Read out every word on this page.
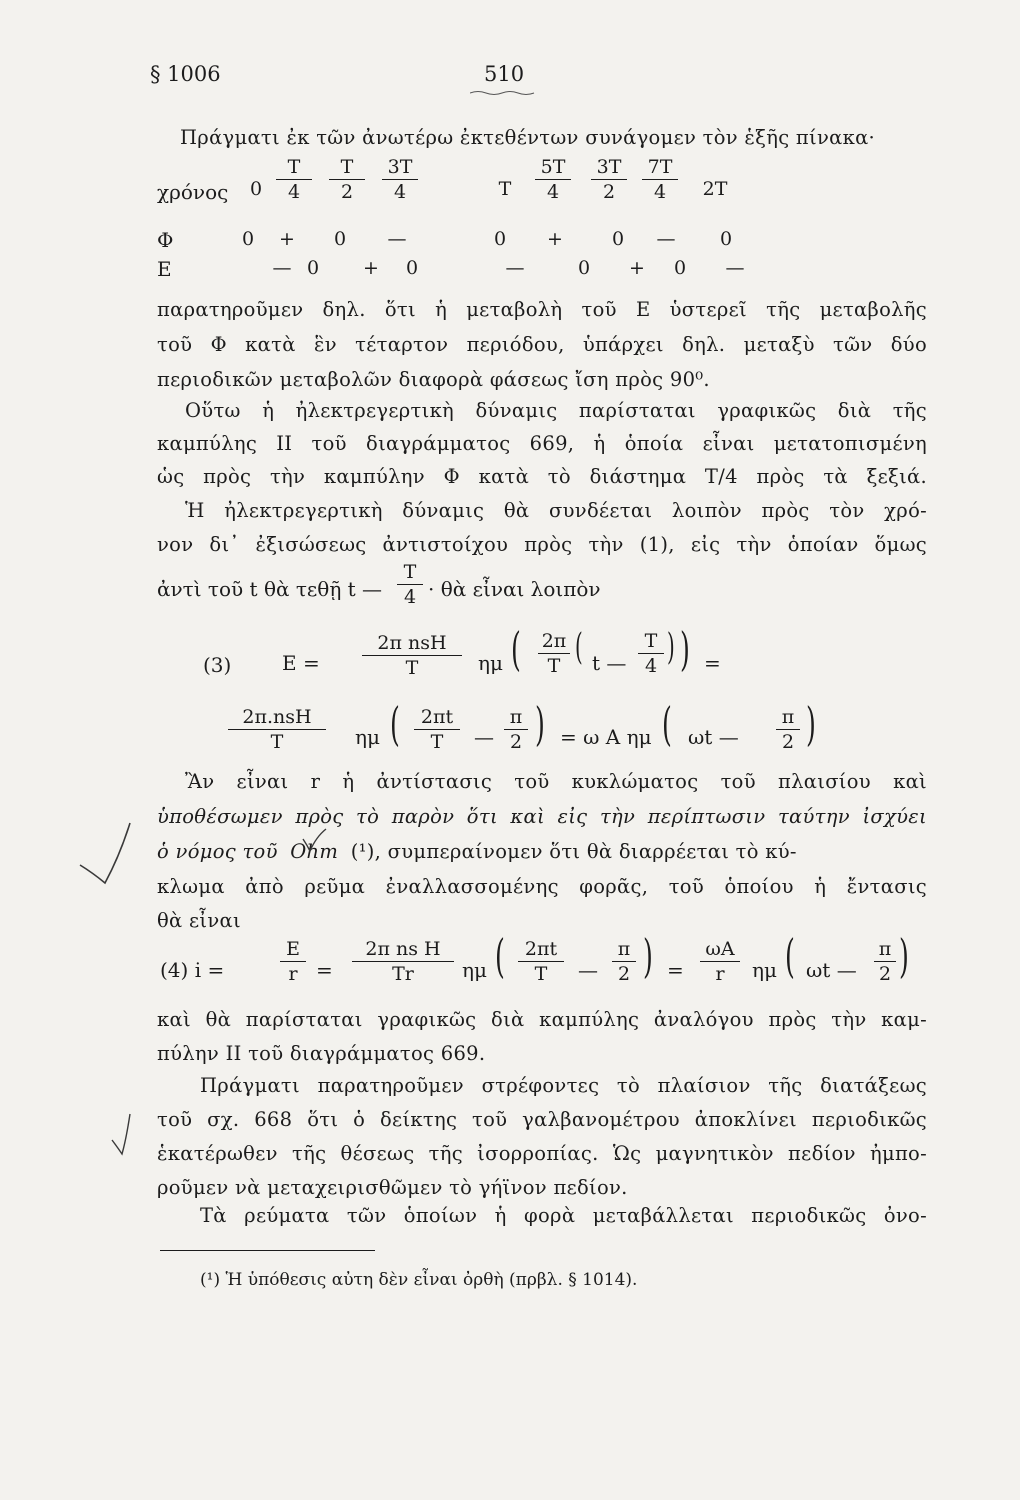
§ 1006	510
Πράγματι ἐκ τῶν ἀνωτέρω ἐκτεθέντων συνάγομεν τὸν ἑξῆς πίνακα·
χρόνος	$0 \frac{T}{4} \frac{T}{2} \frac{3T}{4}$	T	$\frac{5T}{4} \frac{3T}{2} \frac{7T}{4}$	2T
Φ	0	+	0	—	0	+	0	—	0
E	— 0	+	0	—	0	+	0	—
παρατηροῦμεν δηλ. ὅτι ἡ μεταβολὴ τοῦ E ὑστερεῖ τῆς μεταβολῆς
τοῦ Φ κατὰ ἓν τέταρτον περιόδου, ὑπάρχει δηλ. μεταξὺ τῶν δύο
περιοδικῶν μεταβολῶν διαφορὰ φάσεως ἴση πρὸς 90⁰.
Οὕτω ἡ ἠλεκτρεγερτικὴ δύναμις παρίσταται γραφικῶς διὰ τῆς
καμπύλης II τοῦ διαγράμματος 669, ἡ ὁποία εἶναι μετατοπισμένη
ὡς πρὸς τὴν καμπύλην Φ κατὰ τὸ διάστημα T/4 πρὸς τὰ ξεξιά.
Ἡ ἠλεκτρεγερτικὴ δύναμις θὰ συνδέεται λοιπὸν πρὸς τὸν χρό-
νον δι᾽ ἐξισώσεως ἀντιστοίχου πρὸς τὴν (1), εἰς τὴν ὁποίαν ὅμως
ἀντὶ τοῦ t θὰ τεθῇ t — $\frac{T}{4}$ · θὰ εἶναι λοιπὸν
(3)	E =
2π nsH
T	ημ ( $\frac{2\pi}{T}$ ( t — $\frac{T}{4}$ ) ) =
2π.nsH
T	ημ ( $\frac{2\pi t}{T}$ — $\frac{\pi}{2}$ ) = ω A ημ ( ωt — $\frac{\pi}{2}$ )
Ἂν εἶναι r ἡ ἀντίστασις τοῦ κυκλώματος τοῦ πλαισίου καὶ
ὑποθέσωμεν πρὸς τὸ παρὸν ὅτι καὶ εἰς τὴν περίπτωσιν ταύτην ἰσχύει
ὁ νόμος τοῦ Ohm (¹), συμπεραίνομεν ὅτι θὰ διαρρέεται τὸ κύ-
κλωμα ἀπὸ ρεῦμα ἐναλλασσομένης φορᾶς, τοῦ ὁποίου ἡ ἔντασις
θὰ εἶναι
(4) i =	$\frac{E}{r} = \frac{\text{2π ns H}}{Tr}$ ημ ( $\frac{2\pi t}{T}$ — $\frac{\pi}{2}$ ) = $\frac{\omega A}{r}$ ημ ( ωt — $\frac{\pi}{2}$ )
καὶ θὰ παρίσταται γραφικῶς διὰ καμπύλης ἀναλόγου πρὸς τὴν καμ-
πύλην II τοῦ διαγράμματος 669.
Πράγματι παρατηροῦμεν στρέφοντες τὸ πλαίσιον τῆς διατάξεως
τοῦ σχ. 668 ὅτι ὁ δείκτης τοῦ γαλβανομέτρου ἀποκλίνει περιοδικῶς
ἑκατέρωθεν τῆς θέσεως τῆς ἰσορροπίας. Ὡς μαγνητικὸν πεδίον ἠμπο-
ροῦμεν νὰ μεταχειρισθῶμεν τὸ γήϊνον πεδίον.
Τὰ ρεύματα τῶν ὁποίων ἡ φορὰ μεταβάλλεται περιοδικῶς ὀνο-
(¹) Ἡ ὑπόθεσις αὐτη δὲν εἶναι ὀρθὴ (πρβλ. § 1014).
